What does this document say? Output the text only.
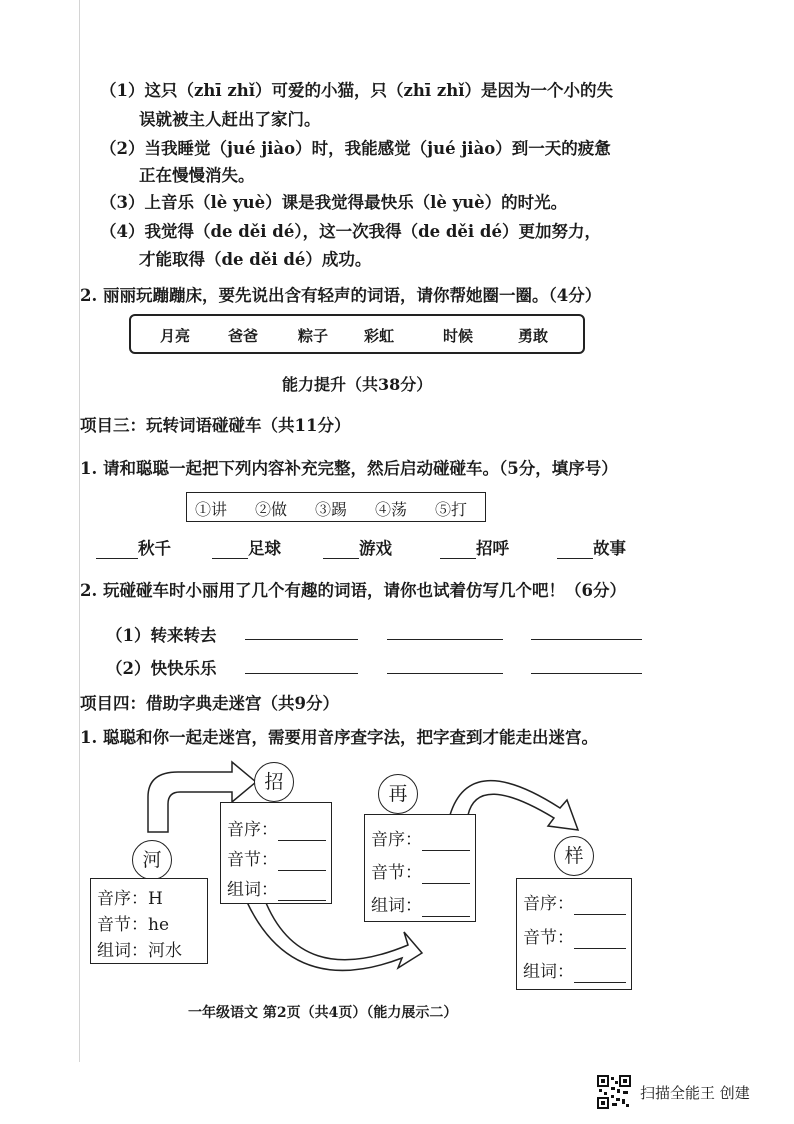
（1）这只（zhī zhǐ）可爱的小猫，只（zhī zhǐ）是因为一个小的失
误就被主人赶出了家门。
（2）当我睡觉（jué jiào）时，我能感觉（jué jiào）到一天的疲惫
正在慢慢消失。
（3）上音乐（lè yuè）课是我觉得最快乐（lè yuè）的时光。
（4）我觉得（de děi dé），这一次我得（de děi dé）更加努力，
才能取得（de děi dé）成功。
2. 丽丽玩蹦蹦床，要先说出含有轻声的词语，请你帮她圈一圈。（4分）
月亮	爸爸	粽子 彩虹	时候	勇敢
能力提升（共38分）
项目三：玩转词语碰碰车（共11分）
1. 请和聪聪一起把下列内容补充完整，然后启动碰碰车。（5分，填序号）
①讲 ②做 ③踢 ④荡 ⑤打
秋千	足球	游戏	招呼	故事
2. 玩碰碰车时小丽用了几个有趣的词语，请你也试着仿写几个吧！（6分）
（1）转来转去
（2）快快乐乐
项目四：借助字典走迷宫（共9分）
1. 聪聪和你一起走迷宫，需要用音序查字法，把字查到才能走出迷宫。
河
音序：H
音节：he
组词：河水
招
音序：
音节：
组词：
再
音序：
音节：
组词：
样
音序：
音节：
组词：
一年级语文 第2页（共4页）（能力展示二）
扫描全能王 创建
